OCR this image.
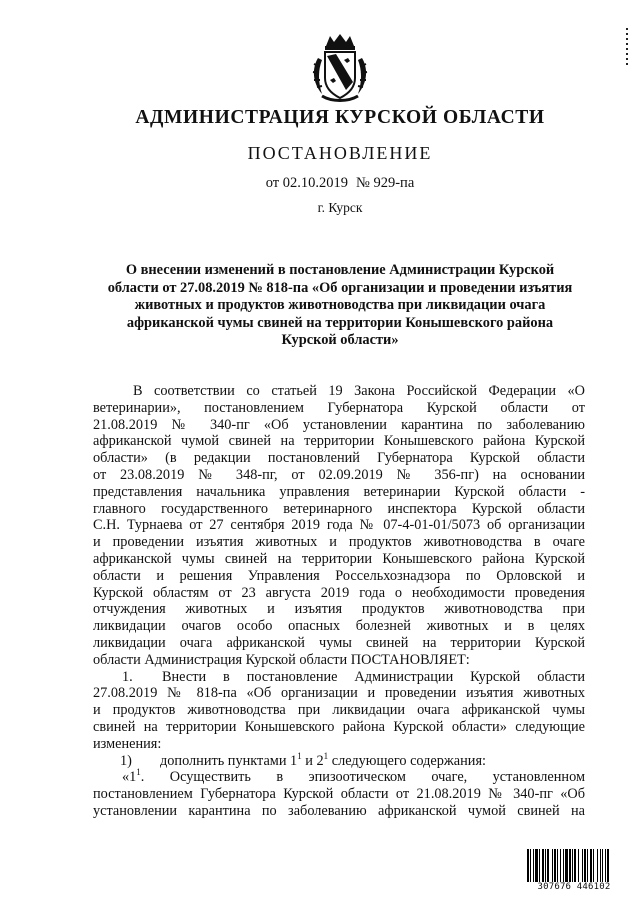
АДМИНИСТРАЦИЯ КУРСКОЙ ОБЛАСТИ
ПОСТАНОВЛЕНИЕ
от 02.10.2019 № 929-па
г. Курск
О внесении изменений в постановление Администрации Курской
области от 27.08.2019 № 818-па «Об организации и проведении изъятия
животных и продуктов животноводства при ликвидации очага
африканской чумы свиней на территории Конышевского района
Курской области»
В соответствии со статьей 19 Закона Российской Федерации «О
ветеринарии», постановлением Губернатора Курской области от
21.08.2019 № 340-пг «Об установлении карантина по заболеванию
африканской чумой свиней на территории Конышевского района Курской
области» (в редакции постановлений Губернатора Курской области
от 23.08.2019 № 348-пг, от 02.09.2019 № 356-пг) на основании
представления начальника управления ветеринарии Курской области -
главного государственного ветеринарного инспектора Курской области
С.Н. Турнаева от 27 сентября 2019 года № 07-4-01-01/5073 об организации
и проведении изъятия животных и продуктов животноводства в очаге
африканской чумы свиней на территории Конышевского района Курской
области и решения Управления Россельхознадзора по Орловской и
Курской областям от 23 августа 2019 года о необходимости проведения
отчуждения животных и изъятия продуктов животноводства при
ликвидации очагов особо опасных болезней животных и в целях
ликвидации очага африканской чумы свиней на территории Курской
области Администрация Курской области ПОСТАНОВЛЯЕТ:
1. Внести в постановление Администрации Курской области
27.08.2019 № 818-па «Об организации и проведении изъятия животных
и продуктов животноводства при ликвидации очага африканской чумы
свиней на территории Конышевского района Курской области» следующие
изменения:
1) дополнить пунктами $1^1$ и $2^1$ следующего содержания:
«$1^1$. Осуществить в эпизоотическом очаге, установленном
постановлением Губернатора Курской области от 21.08.2019 № 340-пг «Об
установлении карантина по заболеванию африканской чумой свиней на
307676 446102
